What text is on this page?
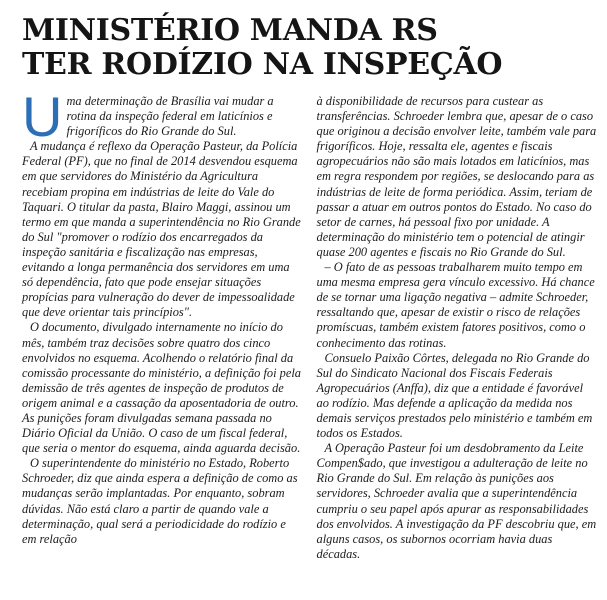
MINISTÉRIO MANDA RS
TER RODÍZIO NA INSPEÇÃO

Uma determinação de Brasília vai mudar a rotina da inspeção federal em laticínios e frigoríficos do Rio Grande do Sul.

A mudança é reflexo da Operação Pasteur, da Polícia Federal (PF), que no final de 2014 desvendou esquema em que servidores do Ministério da Agricultura recebiam propina em indústrias de leite do Vale do Taquari. O titular da pasta, Blairo Maggi, assinou um termo em que manda a superintendência no Rio Grande do Sul "promover o rodízio dos encarregados da inspeção sanitária e fiscalização nas empresas, evitando a longa permanência dos servidores em uma só dependência, fato que pode ensejar situações propícias para vulneração do dever de impessoalidade que deve orientar tais princípios".

O documento, divulgado internamente no início do mês, também traz decisões sobre quatro dos cinco envolvidos no esquema. Acolhendo o relatório final da comissão processante do ministério, a definição foi pela demissão de três agentes de inspeção de produtos de origem animal e a cassação da aposentadoria de outro. As punições foram divulgadas semana passada no Diário Oficial da União. O caso de um fiscal federal, que seria o mentor do esquema, ainda aguarda decisão.

O superintendente do ministério no Estado, Roberto Schroeder, diz que ainda espera a definição de como as mudanças serão implantadas. Por enquanto, sobram dúvidas. Não está claro a partir de quando vale a determinação, qual será a periodicidade do rodízio e em relação

à disponibilidade de recursos para custear as transferências. Schroeder lembra que, apesar de o caso que originou a decisão envolver leite, também vale para frigoríficos. Hoje, ressalta ele, agentes e fiscais agropecuários não são mais lotados em laticínios, mas em regra respondem por regiões, se deslocando para as indústrias de leite de forma periódica. Assim, teriam de passar a atuar em outros pontos do Estado. No caso do setor de carnes, há pessoal fixo por unidade. A determinação do ministério tem o potencial de atingir quase 200 agentes e fiscais no Rio Grande do Sul.

– O fato de as pessoas trabalharem muito tempo em uma mesma empresa gera vínculo excessivo. Há chance de se tornar uma ligação negativa – admite Schroeder, ressaltando que, apesar de existir o risco de relações promíscuas, também existem fatores positivos, como o conhecimento das rotinas.

Consuelo Paixão Côrtes, delegada no Rio Grande do Sul do Sindicato Nacional dos Fiscais Federais Agropecuários (Anffa), diz que a entidade é favorável ao rodízio. Mas defende a aplicação da medida nos demais serviços prestados pelo ministério e também em todos os Estados.

A Operação Pasteur foi um desdobramento da Leite Compen$ado, que investigou a adulteração de leite no Rio Grande do Sul. Em relação às punições aos servidores, Schroeder avalia que a superintendência cumpriu o seu papel após apurar as responsabilidades dos envolvidos. A investigação da PF descobriu que, em alguns casos, os subornos ocorriam havia duas décadas.
